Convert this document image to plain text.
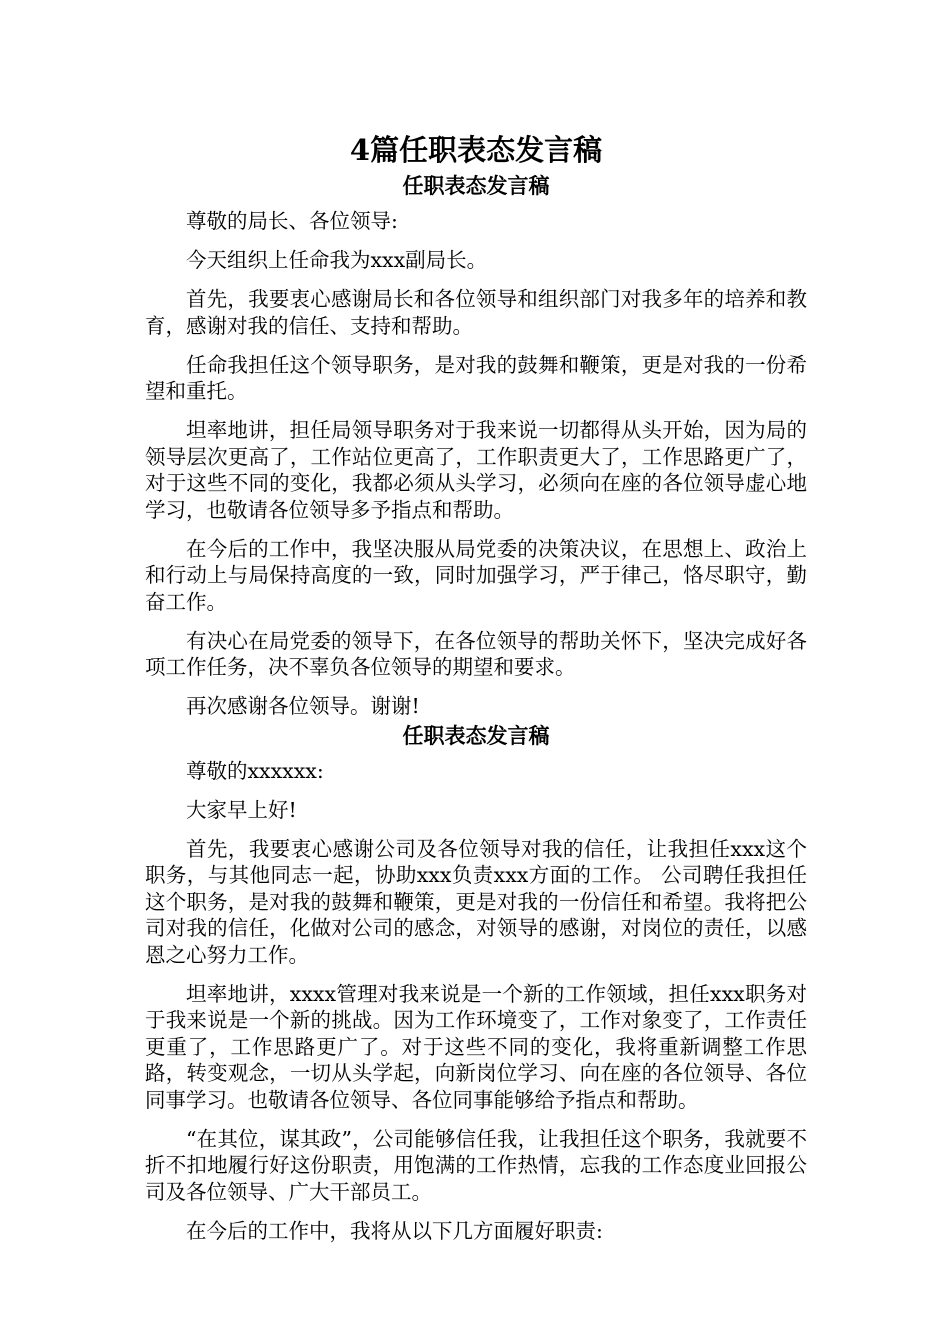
4篇任职表态发言稿
任职表态发言稿

尊敬的局长、各位领导:

今天组织上任命我为xxx副局长。

首先，我要衷心感谢局长和各位领导和组织部门对我多年的培养和教育，感谢对我的信任、支持和帮助。

任命我担任这个领导职务，是对我的鼓舞和鞭策，更是对我的一份希望和重托。

坦率地讲，担任局领导职务对于我来说一切都得从头开始，因为局的领导层次更高了，工作站位更高了，工作职责更大了，工作思路更广了，对于这些不同的变化，我都必须从头学习，必须向在座的各位领导虚心地学习，也敬请各位领导多予指点和帮助。

在今后的工作中，我坚决服从局党委的决策决议，在思想上、政治上和行动上与局保持高度的一致，同时加强学习，严于律己，恪尽职守，勤奋工作。

有决心在局党委的领导下，在各位领导的帮助关怀下，坚决完成好各项工作任务，决不辜负各位领导的期望和要求。

再次感谢各位领导。谢谢!

任职表态发言稿

尊敬的xxxxxx:

大家早上好!

首先，我要衷心感谢公司及各位领导对我的信任，让我担任xxx这个职务，与其他同志一起，协助xxx负责xxx方面的工作。 公司聘任我担任这个职务，是对我的鼓舞和鞭策，更是对我的一份信任和希望。我将把公司对我的信任，化做对公司的感念，对领导的感谢，对岗位的责任，以感恩之心努力工作。

坦率地讲，xxxx管理对我来说是一个新的工作领域，担任xxx职务对于我来说是一个新的挑战。因为工作环境变了，工作对象变了，工作责任更重了，工作思路更广了。对于这些不同的变化，我将重新调整工作思路，转变观念，一切从头学起，向新岗位学习、向在座的各位领导、各位同事学习。也敬请各位领导、各位同事能够给予指点和帮助。

“在其位，谋其政”，公司能够信任我，让我担任这个职务，我就要不折不扣地履行好这份职责，用饱满的工作热情，忘我的工作态度业回报公司及各位领导、广大干部员工。

在今后的工作中，我将从以下几方面履好职责:
